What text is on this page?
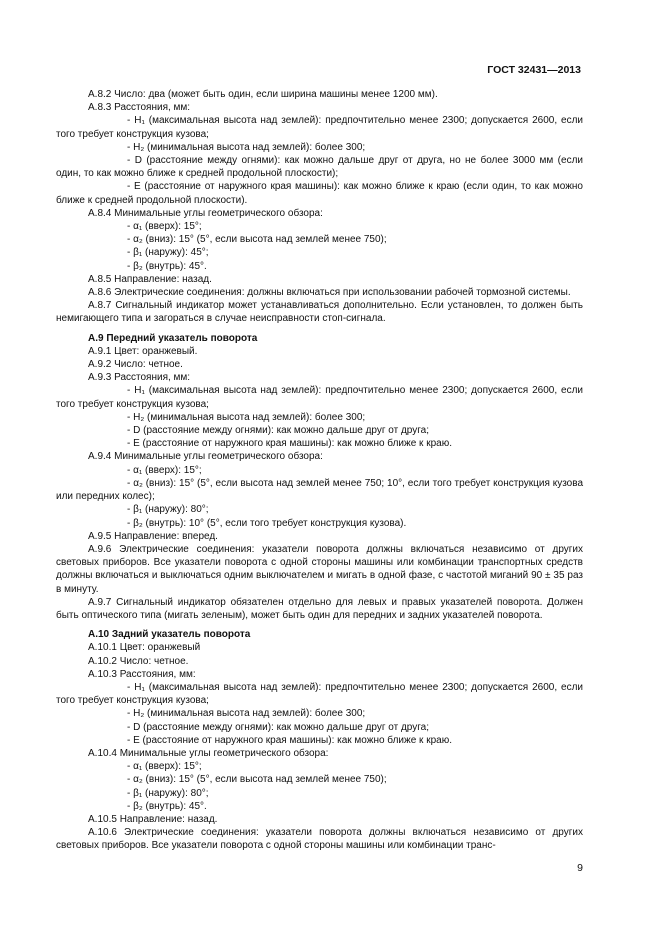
ГОСТ 32431—2013

А.8.2 Число: два (может быть один, если ширина машины менее 1200 мм).

А.8.3 Расстояния, мм:

- H₁ (максимальная высота над землей): предпочтительно менее 2300; допускается 2600, если того требует конструкция кузова;

- H₂ (минимальная высота над землей): более 300;

- D (расстояние между огнями): как можно дальше друг от друга, но не более 3000 мм (если один, то как можно ближе к средней продольной плоскости);

- Е (расстояние от наружного края машины): как можно ближе к краю (если один, то как можно ближе к средней продольной плоскости).

А.8.4 Минимальные углы геометрического обзора:

- α₁ (вверх): 15°;

- α₂ (вниз): 15° (5°, если высота над землей менее 750);

- β₁ (наружу): 45°;

- β₂ (внутрь): 45°.

А.8.5 Направление: назад.

А.8.6 Электрические соединения: должны включаться при использовании рабочей тормозной системы.

А.8.7 Сигнальный индикатор может устанавливаться дополнительно. Если установлен, то должен быть немигающего типа и загораться в случае неисправности стоп-сигнала.

А.9 Передний указатель поворота

А.9.1 Цвет: оранжевый.

А.9.2 Число: четное.

А.9.3 Расстояния, мм:

- H₁ (максимальная высота над землей): предпочтительно менее 2300; допускается 2600, если того требует конструкция кузова;

- H₂ (минимальная высота над землей): более 300;

- D (расстояние между огнями): как можно дальше друг от друга;

- Е (расстояние от наружного края машины): как можно ближе к краю.

А.9.4 Минимальные углы геометрического обзора:

- α₁ (вверх): 15°;

- α₂ (вниз): 15° (5°, если высота над землей менее 750; 10°, если того требует конструкция кузова или передних колес);

- β₁ (наружу): 80°;

- β₂ (внутрь): 10° (5°, если того требует конструкция кузова).

А.9.5 Направление: вперед.

А.9.6 Электрические соединения: указатели поворота должны включаться независимо от других световых приборов. Все указатели поворота с одной стороны машины или комбинации транспортных средств должны включаться и выключаться одним выключателем и мигать в одной фазе, с частотой миганий 90 ± 35 раз в минуту.

А.9.7 Сигнальный индикатор обязателен отдельно для левых и правых указателей поворота. Должен быть оптического типа (мигать зеленым), может быть один для передних и задних указателей поворота.

А.10 Задний указатель поворота

А.10.1 Цвет: оранжевый

А.10.2 Число: четное.

А.10.3 Расстояния, мм:

- H₁ (максимальная высота над землей): предпочтительно менее 2300; допускается 2600, если того требует конструкция кузова;

- H₂ (минимальная высота над землей): более 300;

- D (расстояние между огнями): как можно дальше друг от друга;

- Е (расстояние от наружного края машины): как можно ближе к краю.

А.10.4 Минимальные углы геометрического обзора:

- α₁ (вверх): 15°;

- α₂ (вниз): 15° (5°, если высота над землей менее 750);

- β₁ (наружу): 80°;

- β₂ (внутрь): 45°.

А.10.5 Направление: назад.

А.10.6 Электрические соединения: указатели поворота должны включаться независимо от других световых приборов. Все указатели поворота с одной стороны машины или комбинации транс-

9
